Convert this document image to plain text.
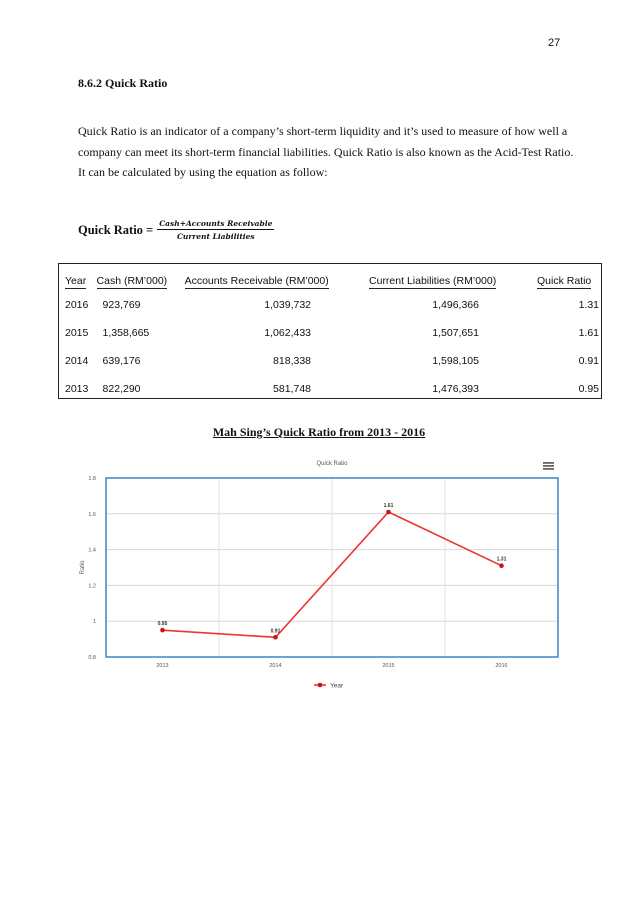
27
8.6.2 Quick Ratio
Quick Ratio is an indicator of a company’s short-term liquidity and it’s used to measure of how well a
company can meet its short-term financial liabilities. Quick Ratio is also known as the Acid-Test Ratio.
It can be calculated by using the equation as follow:
Quick Ratio = $\frac{\text{Cash+Accounts Receivable}}{\text{Current Liabilities}}$
Year	Cash (RM’000)	Accounts Receivable (RM’000)	Current Liabilities (RM’000)	Quick Ratio
2016	923,769	1,039,732	1,496,366	1.31
2015	1,358,665	1,062,433	1,507,651	1.61
2014	639,176	818,338	1,598,105	0.91
2013	822,290	581,748	1,476,393	0.95
Mah Sing’s Quick Ratio from 2013 - 2016
0.8
1
1.2
1.4
1.6
1.8
2013	2014	2015	2016
Quick Ratio
Ratio
0.95
0.91
1.61
1.31
Year
